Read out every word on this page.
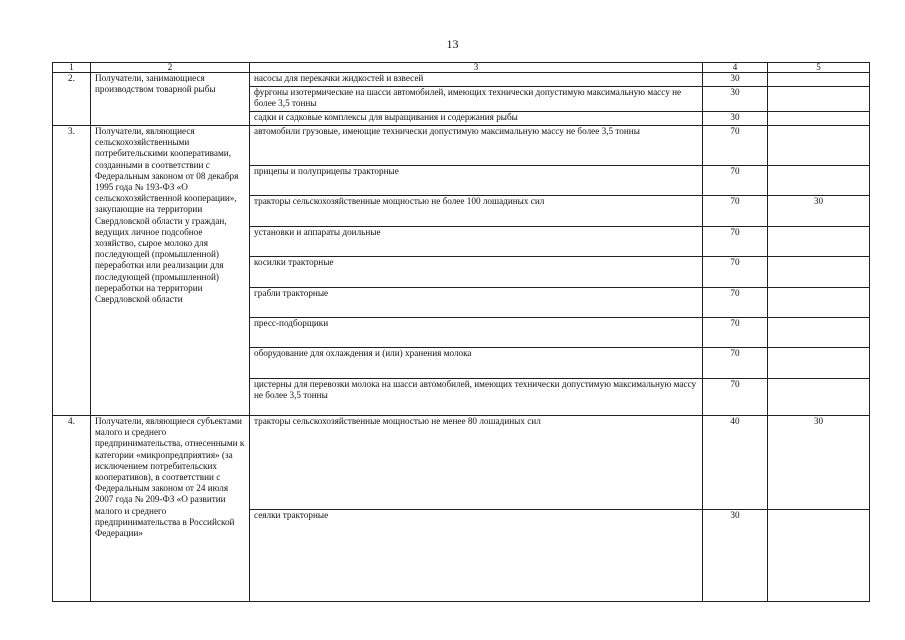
13
1	2	3	4	5
2.	Получатели, занимающиеся производством товарной рыбы	насосы для перекачки жидкостей и взвесей	30	
		фургоны изотермические на шасси автомобилей, имеющих технически допустимую максимальную массу не более 3,5 тонны	30	
		садки и садковые комплексы для выращивания и содержания рыбы	30	
3.	Получатели, являющиеся сельскохозяйственными потребительскими кооперативами, созданными в соответствии с Федеральным законом от 08 декабря 1995 года № 193-ФЗ «О сельскохозяйственной кооперации», закупающие на территории Свердловской области у граждан, ведущих личное подсобное хозяйство, сырое молоко для последующей (промышленной) переработки или реализации для последующей (промышленной) переработки на территории Свердловской области	автомобили грузовые, имеющие технически допустимую максимальную массу не более 3,5 тонны	70	
		прицепы и полуприцепы тракторные	70	
		тракторы сельскохозяйственные мощностью не более 100 лошадиных сил	70	30
		установки и аппараты доильные	70	
		косилки тракторные	70	
		грабли тракторные	70	
		пресс-подборщики	70	
		оборудование для охлаждения и (или) хранения молока	70	
		цистерны для перевозки молока на шасси автомобилей, имеющих технически допустимую максимальную массу не более 3,5 тонны	70	
4.	Получатели, являющиеся субъектами малого и среднего предпринимательства, отнесенными к категории «микропредприятия» (за исключением потребительских кооперативов), в соответствии с Федеральным законом от 24 июля 2007 года № 209-ФЗ «О развитии малого и среднего предпринимательства в Российской Федерации»	тракторы сельскохозяйственные мощностью не менее 80 лошадиных сил	40	30
		сеялки тракторные	30	
